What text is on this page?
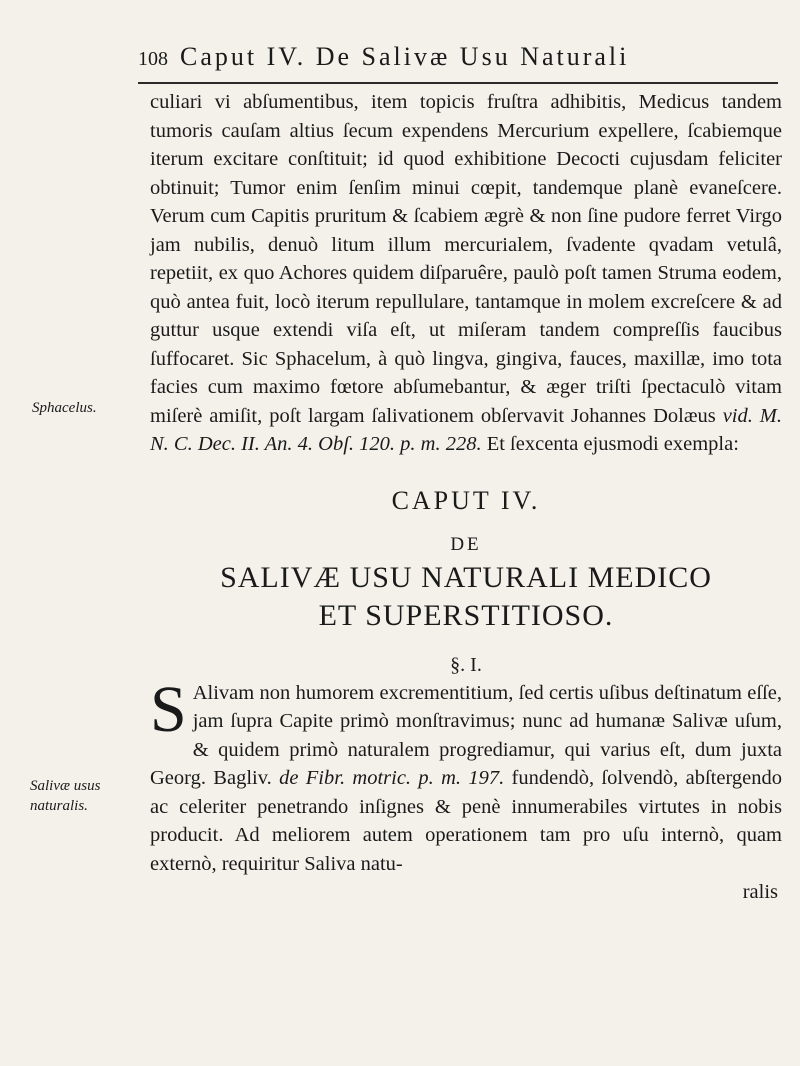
108 Caput IV. De Salivæ Usu Naturali
Sphacelus.
Salivæ usus
naturalis.

culiari vi abſumentibus, item topicis fruſtra adhibitis, Medicus tandem tumoris cauſam altius ſecum expendens Mercurium expellere, ſcabiemque iterum excitare conſtituit; id quod exhibitione Decocti cujusdam feliciter obtinuit; Tumor enim ſenſim minui cœpit, tandemque planè evaneſcere. Verum cum Capitis pruritum & ſcabiem ægrè & non ſine pudore ferret Virgo jam nubilis, denuò litum illum mercurialem, ſvadente qvadam vetulâ, repetiit, ex quo Achores quidem diſparuêre, paulò poſt tamen Struma eodem, quò antea fuit, locò iterum repullulare, tantamque in molem excreſcere & ad guttur usque extendi viſa eſt, ut miſeram tandem compreſſis faucibus ſuffocaret. Sic Sphacelum, à quò lingva, gingiva, fauces, maxillæ, imo tota facies cum maximo fœtore abſumebantur, & æger triſti ſpectaculò vitam miſerè amiſit, poſt largam ſalivationem obſervavit Johannes Dolæus vid. M. N. C. Dec. II. An. 4. Obſ. 120. p. m. 228. Et ſexcenta ejusmodi exempla:

CAPUT IV.
DE
SALIVÆ USU NATURALI MEDICO
ET SUPERSTITIOSO.
§. I.

S Alivam non humorem excrementitium, ſed certis uſibus deſtinatum eſſe, jam ſupra Capite primò monſtravimus; nunc ad humanæ Salivæ uſum, & quidem primò naturalem progrediamur, qui varius eſt, dum juxta Georg. Bagliv. de Fibr. motric. p. m. 197. fundendò, ſolvendò, abſtergendo ac celeriter penetrando inſignes & penè innumerabiles virtutes in nobis producit. Ad meliorem autem operationem tam pro uſu internò, quam externò, requiritur Saliva natu-

ralis
